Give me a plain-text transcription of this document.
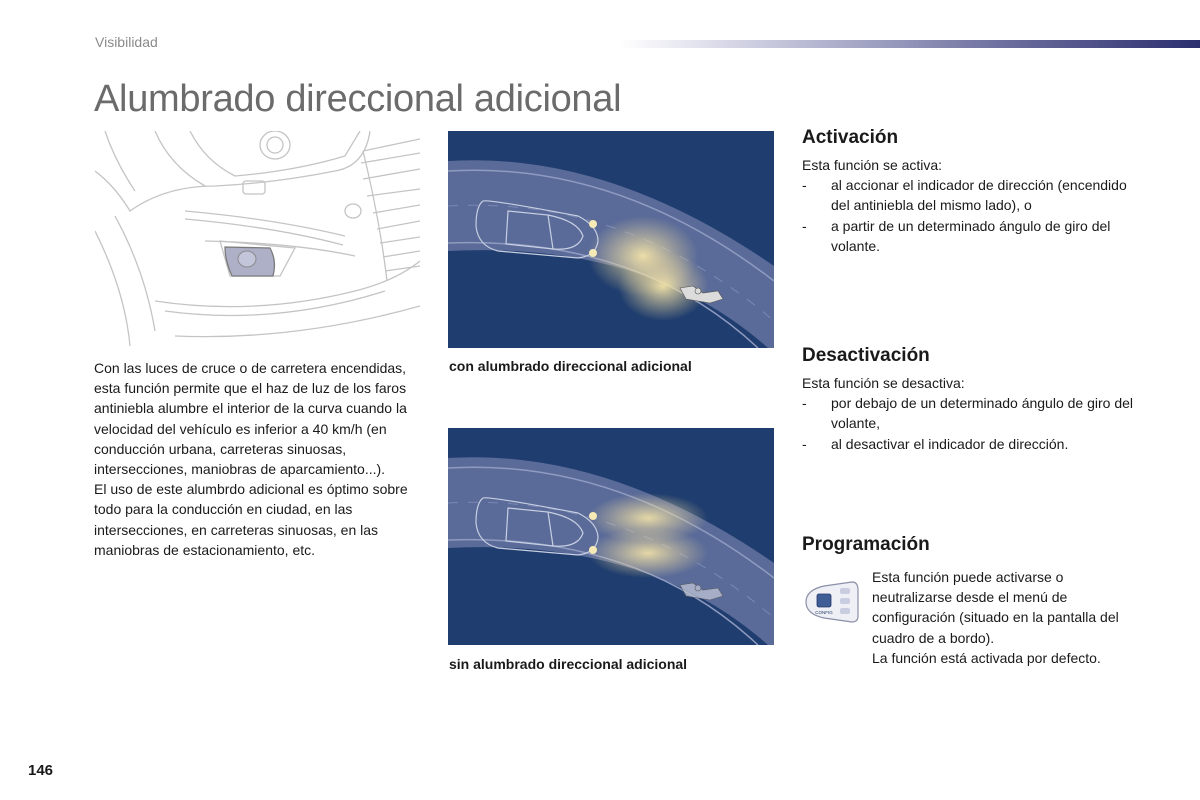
Visibilidad
Alumbrado direccional adicional

Con las luces de cruce o de carretera encendidas, esta función permite que el haz de luz de los faros antiniebla alumbre el interior de la curva cuando la velocidad del vehículo es inferior a 40 km/h (en conducción urbana, carreteras sinuosas, intersecciones, maniobras de aparcamiento...).

El uso de este alumbrdo adicional es óptimo sobre todo para la conducción en ciudad, en las intersecciones, en carreteras sinuosas, en las maniobras de estacionamiento, etc.

con alumbrado direccional adicional
sin alumbrado direccional adicional
Activación
Esta función se activa:
- al accionar el indicador de dirección (encendido del antiniebla del mismo lado), o
- a partir de un determinado ángulo de giro del volante.
Desactivación
Esta función se desactiva:
- por debajo de un determinado ángulo de giro del volante,
- al desactivar el indicador de dirección.
Programación
CONFIG

Esta función puede activarse o neutralizarse desde el menú de configuración (situado en la pantalla del cuadro de a bordo).

La función está activada por defecto.

146
